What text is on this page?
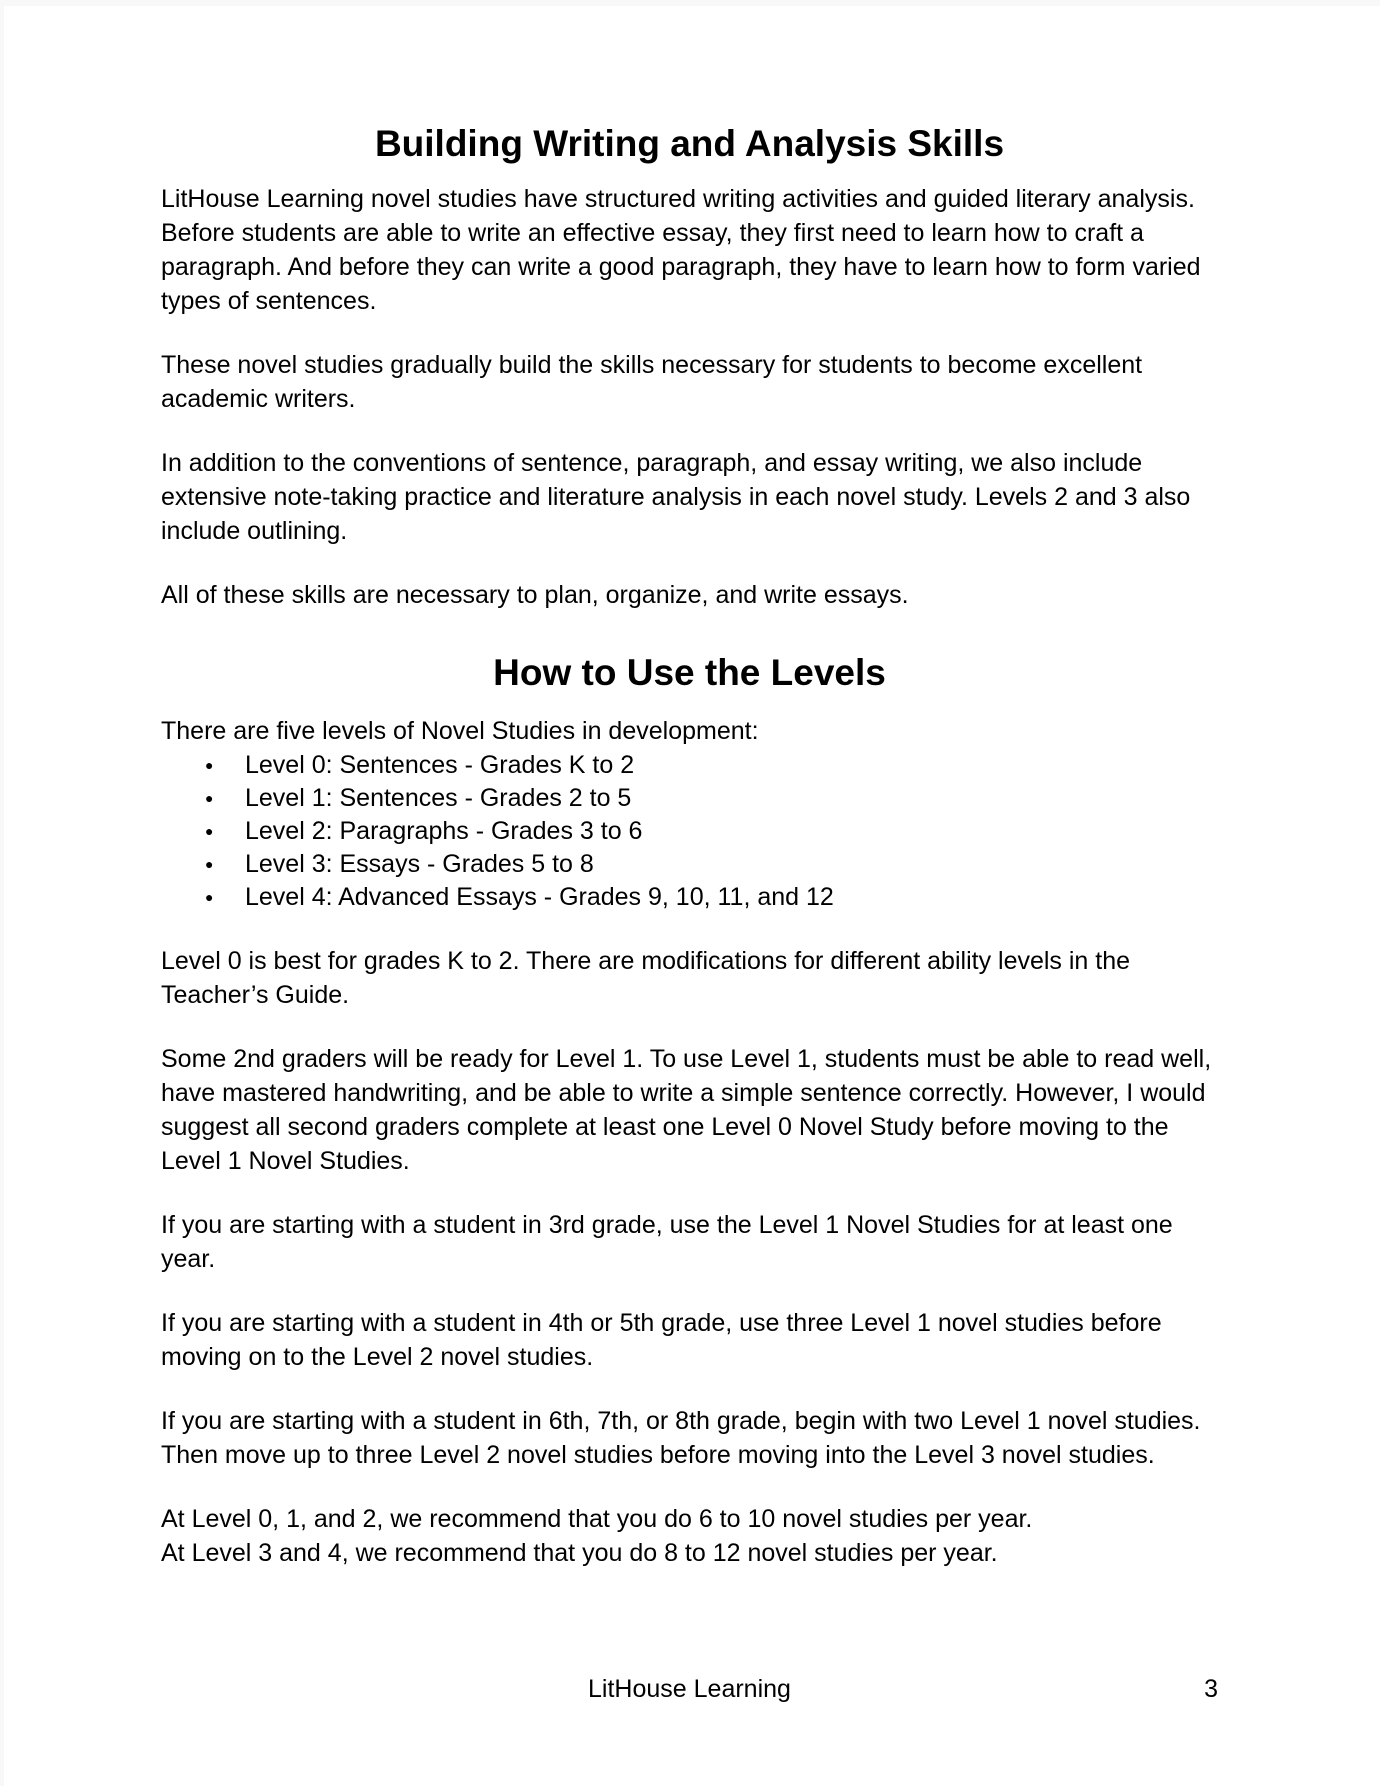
Building Writing and Analysis Skills
LitHouse Learning novel studies have structured writing activities and guided literary analysis.
Before students are able to write an effective essay, they first need to learn how to craft a
paragraph. And before they can write a good paragraph, they have to learn how to form varied
types of sentences.
These novel studies gradually build the skills necessary for students to become excellent
academic writers.
In addition to the conventions of sentence, paragraph, and essay writing, we also include
extensive note-taking practice and literature analysis in each novel study. Levels 2 and 3 also
include outlining.
All of these skills are necessary to plan, organize, and write essays.
How to Use the Levels
There are five levels of Novel Studies in development:
● Level 0: Sentences - Grades K to 2
● Level 1: Sentences - Grades 2 to 5
● Level 2: Paragraphs - Grades 3 to 6
● Level 3: Essays - Grades 5 to 8
● Level 4: Advanced Essays - Grades 9, 10, 11, and 12
Level 0 is best for grades K to 2. There are modifications for different ability levels in the
Teacher’s Guide.
Some 2nd graders will be ready for Level 1. To use Level 1, students must be able to read well,
have mastered handwriting, and be able to write a simple sentence correctly. However, I would
suggest all second graders complete at least one Level 0 Novel Study before moving to the
Level 1 Novel Studies.
If you are starting with a student in 3rd grade, use the Level 1 Novel Studies for at least one
year.
If you are starting with a student in 4th or 5th grade, use three Level 1 novel studies before
moving on to the Level 2 novel studies.
If you are starting with a student in 6th, 7th, or 8th grade, begin with two Level 1 novel studies.
Then move up to three Level 2 novel studies before moving into the Level 3 novel studies.
At Level 0, 1, and 2, we recommend that you do 6 to 10 novel studies per year.
At Level 3 and 4, we recommend that you do 8 to 12 novel studies per year.
LitHouse Learning	3
